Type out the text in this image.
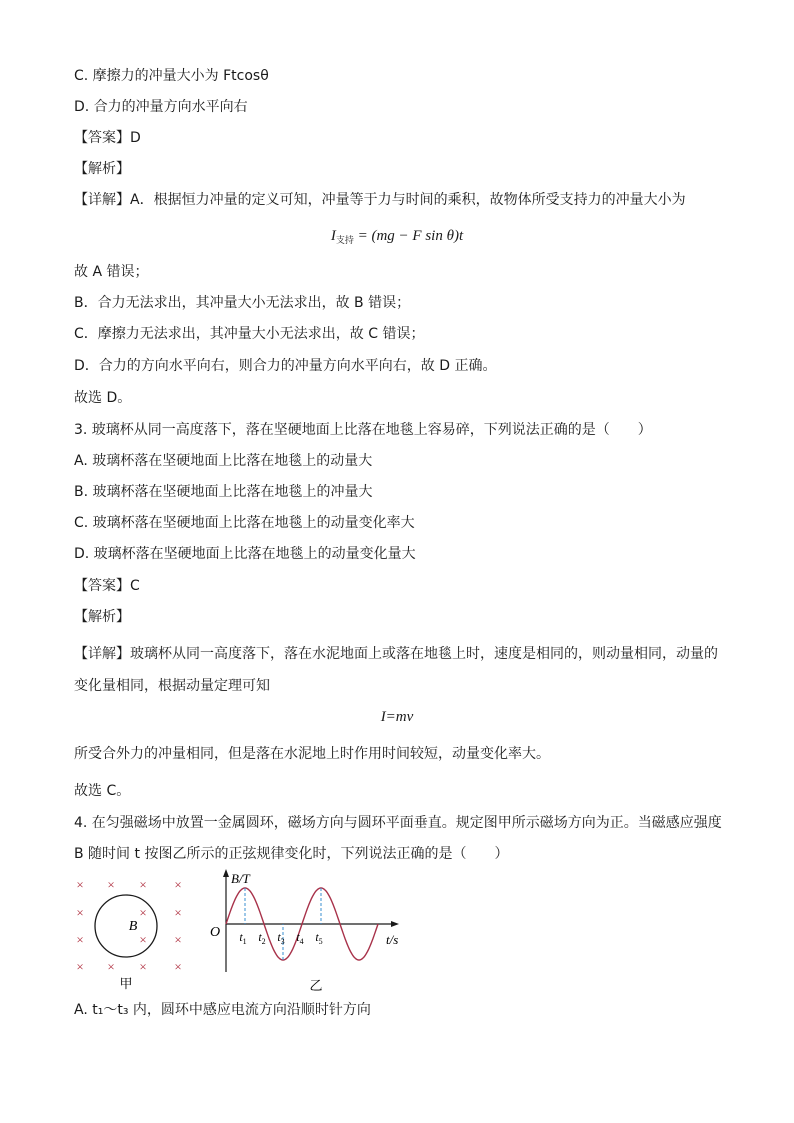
C. 摩擦力的冲量大小为 Ftcosθ
D. 合力的冲量方向水平向右
【答案】D
【解析】
【详解】A．根据恒力冲量的定义可知，冲量等于力与时间的乘积，故物体所受支持力的冲量大小为
$I_{支持} = (mg - F$ sin θ)t
故 A 错误；
B．合力无法求出，其冲量大小无法求出，故 B 错误；
C．摩擦力无法求出，其冲量大小无法求出，故 C 错误；
D．合力的方向水平向右，则合力的冲量方向水平向右，故 D 正确。
故选 D。
3. 玻璃杯从同一高度落下，落在坚硬地面上比落在地毯上容易碎，下列说法正确的是（　　）
A. 玻璃杯落在坚硬地面上比落在地毯上的动量大
B. 玻璃杯落在坚硬地面上比落在地毯上的冲量大
C. 玻璃杯落在坚硬地面上比落在地毯上的动量变化率大
D. 玻璃杯落在坚硬地面上比落在地毯上的动量变化量大
【答案】C
【解析】
【详解】玻璃杯从同一高度落下，落在水泥地面上或落在地毯上时，速度是相同的，则动量相同，动量的
变化量相同，根据动量定理可知
I=mv
所受合外力的冲量相同，但是落在水泥地上时作用时间较短，动量变化率大。
故选 C。
4. 在匀强磁场中放置一金属圆环，磁场方向与圆环平面垂直。规定图甲所示磁场方向为正。当磁感应强度
B 随时间 t 按图乙所示的正弦规律变化时，下列说法正确的是（　　）
× × × ×
×	×
×	×
× × × ×
×
×
B
甲
B/T
t/s
O $t_1$ $t_2$ $t_3$ $t_4$ $t_5$
乙
A. t₁～t₃ 内，圆环中感应电流方向沿顺时针方向
